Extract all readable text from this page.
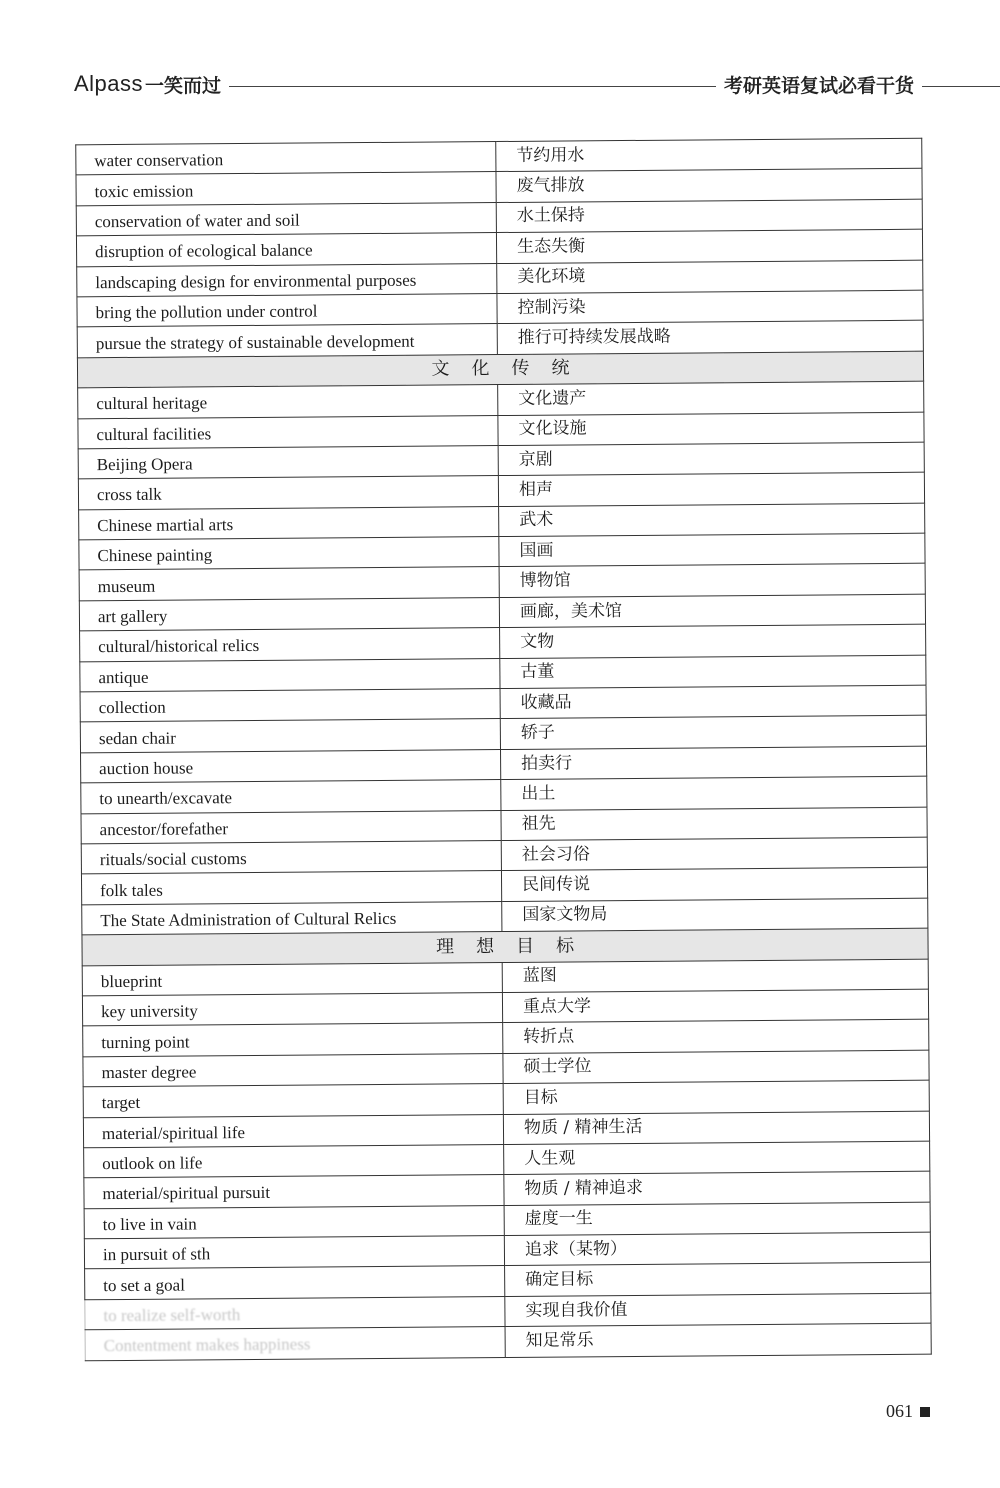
Alpass 一笑而过	考研英语复试必看干货
water conservation	节约用水
toxic emission	废气排放
conservation of water and soil	水土保持
disruption of ecological balance	生态失衡
landscaping design for environmental purposes	美化环境
bring the pollution under control	控制污染
pursue the strategy of sustainable development	推行可持续发展战略
文化传统	
cultural heritage	文化遗产
cultural facilities	文化设施
Beijing Opera	京剧
cross talk	相声
Chinese martial arts	武术
Chinese painting	国画
museum	博物馆
art gallery	画廊，美术馆
cultural/historical relics	文物
antique	古董
collection	收藏品
sedan chair	轿子
auction house	拍卖行
to unearth/excavate	出土
ancestor/forefather	祖先
rituals/social customs	社会习俗
folk tales	民间传说
The State Administration of Cultural Relics	国家文物局
理想目标	
blueprint	蓝图
key university	重点大学
turning point	转折点
master degree	硕士学位
target	目标
material/spiritual life	物质 / 精神生活
outlook on life	人生观
material/spiritual pursuit	物质 / 精神追求
to live in vain	虚度一生
in pursuit of sth	追求（某物）
to set a goal	确定目标
to realize self-worth	实现自我价值
Contentment makes happiness	知足常乐
061
